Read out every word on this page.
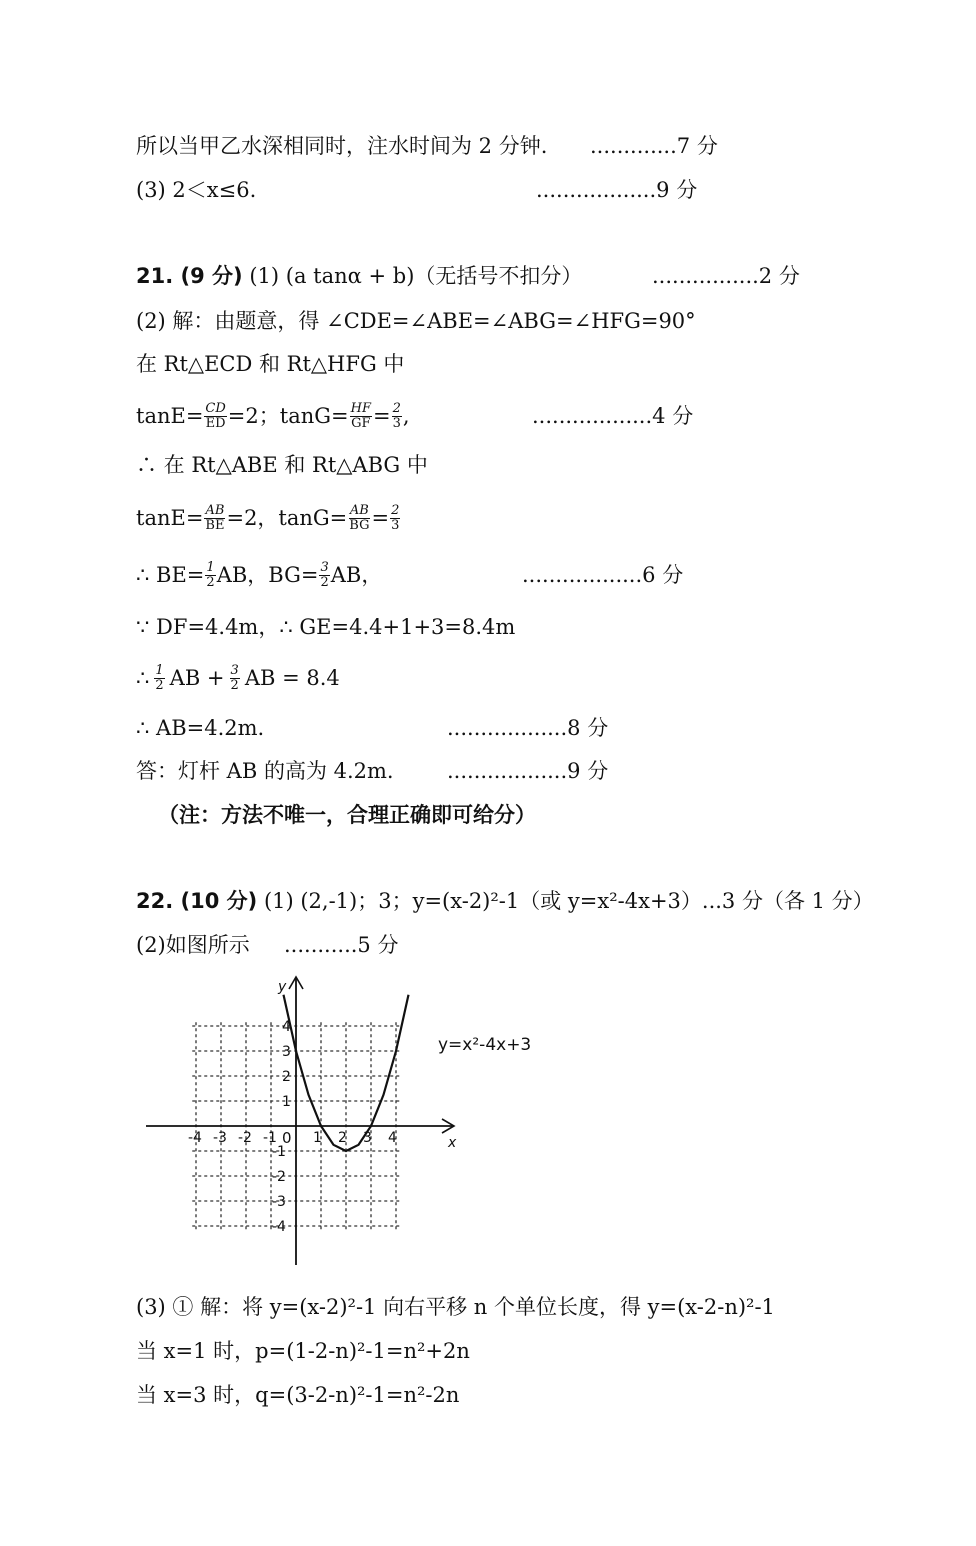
所以当甲乙水深相同时，注水时间为 2 分钟. .............7 分
(3) 2＜x≤6.	..................9 分
21. (9 分) (1) (a tanα + b)（无括号不扣分）	................2 分
(2) 解：由题意，得 ∠CDE=∠ABE=∠ABG=∠HFG=90°
在 Rt△ECD 和 Rt△HFG 中
$\tan E= \frac{CD}{ED} =2$；$\tan G= \frac{HF}{GF} = \frac{2}{3}$ ,	..................4 分
∴ 在 Rt△ABE 和 Rt△ABG 中
$\tan E= \frac{AB}{BE} =2$，$\tan G= \frac{AB}{BG} = \frac{2}{3}$
∴ $BE= \frac{1}{2}$ AB，$BG= \frac{3}{2}$ AB，	..................6 分
∵ DF=4.4m，∴ GE=4.4+1+3=8.4m
∴ $\frac{1}{2}$ AB + $\frac{3}{2}$ AB = 8.4
∴ AB=4.2m.	..................8 分
答：灯杆 AB 的高为 4.2m.	..................9 分
（注：方法不唯一，合理正确即可给分）
22. (10 分) (1) (2,-1)；3；y=(x-2)²-1（或 y=x²-4x+3）...3 分（各 1 分）
(2)如图所示 ...........5 分
x
y
0
-4 -3 -2 -1	1 2 3 4
4
3
2
1
-1
-2
-3
-4
y=x²-4x+3
(3) ① 解：将 y=(x-2)²-1 向右平移 n 个单位长度，得 y=(x-2-n)²-1
当 x=1 时，p=(1-2-n)²-1=n²+2n
当 x=3 时，q=(3-2-n)²-1=n²-2n
